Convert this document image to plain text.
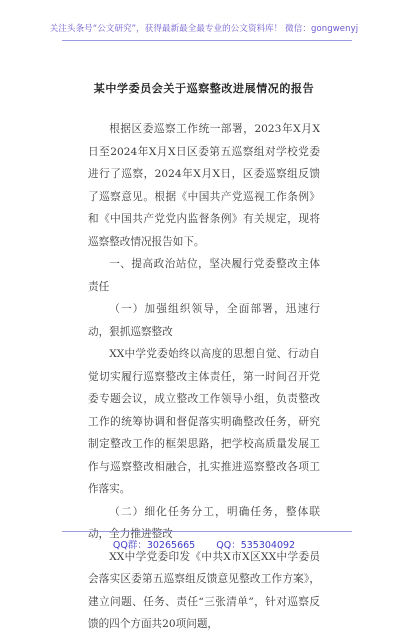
关注头条号“公文研究”，获得最新最全最专业的公文资料库！ 微信：gongwenyj
某中学委员会关于巡察整改进展情况的报告

根据区委巡察工作统一部署，2023年X月X日至2024年X月X日区委第五巡察组对学校党委进行了巡察，2024年X月X日，区委巡察组反馈了巡察意见。根据《中国共产党巡视工作条例》和《中国共产党党内监督条例》有关规定，现将巡察整改情况报告如下。

一、提高政治站位，坚决履行党委整改主体责任

（一）加强组织领导，全面部署，迅速行动，狠抓巡察整改

XX中学党委始终以高度的思想自觉、行动自觉切实履行巡察整改主体责任，第一时间召开党委专题会议，成立整改工作领导小组，负责整改工作的统筹协调和督促落实明确整改任务，研究制定整改工作的框架思路，把学校高质量发展工作与巡察整改相融合，扎实推进巡察整改各项工作落实。

（二）细化任务分工，明确任务，整体联动，全力推进整改

XX中学党委印发《中共X市X区XX中学委员会落实区委第五巡察组反馈意见整改工作方案》，建立问题、任务、责任“三张清单”，针对巡察反馈的四个方面共20项问题，

QQ群：30265665 QQ：535304092
